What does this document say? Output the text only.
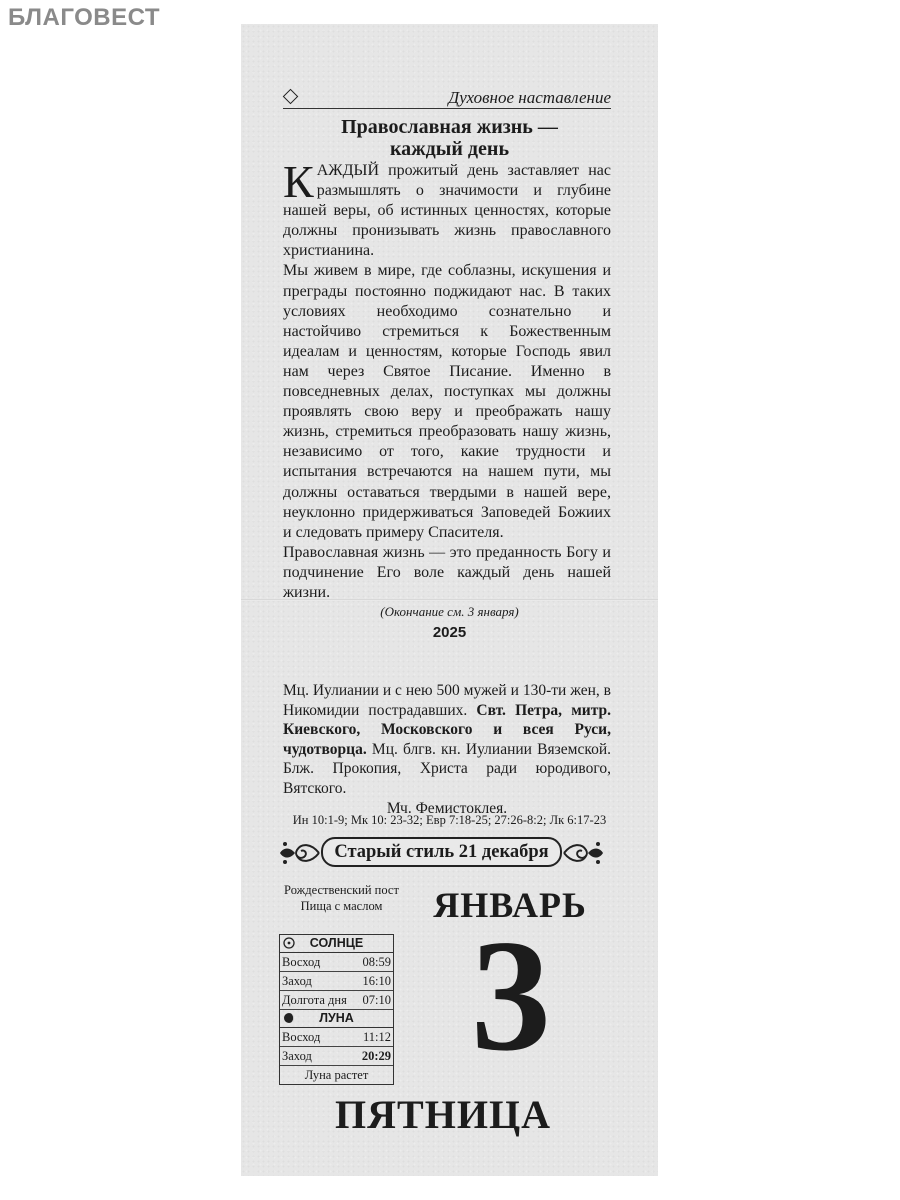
БЛАГОВЕСТ
Духовное наставление
Православная жизнь —
каждый день

КАЖДЫЙ прожитый день заставляет нас размышлять о значимости и глубине нашей веры, об истинных ценностях, которые должны пронизывать жизнь православного христианина.

Мы живем в мире, где соблазны, искушения и преграды постоянно поджидают нас. В таких условиях необходимо сознательно и настойчиво стремиться к Божественным идеалам и ценностям, которые Господь явил нам через Святое Писание. Именно в повседневных делах, поступках мы должны проявлять свою веру и преображать нашу жизнь, стремиться преобразовать нашу жизнь, независимо от того, какие трудности и испытания встречаются на нашем пути, мы должны оставаться твердыми в нашей вере, неуклонно придерживаться Заповедей Божиих и следовать примеру Спасителя.

Православная жизнь — это преданность Богу и подчинение Его воле каждый день нашей жизни.

(Окончание см. 3 января)
2025
Мц. Иулиании и с нею 500 мужей и 130-ти жен, в Никомидии пострадавших. Свт. Петра, митр. Киевского, Московского и всея Руси, чудотворца. Мц. блгв. кн. Иулиании Вяземской. Блж. Прокопия, Христа ради юродивого, Вятского.
Мч. Фемистоклея.
Ин 10:1-9; Мк 10: 23-32; Евр 7:18-25; 27:26-8:2; Лк 6:17-23
Старый стиль 21 декабря
Рождественский пост
Пища с маслом	ЯНВАРЬ
3
ПЯТНИЦА
СОЛНЦЕ
Восход	08:59
Заход	16:10
Долгота дня 07:10
ЛУНА
Восход	11:12
Заход	20:29
Луна растет
